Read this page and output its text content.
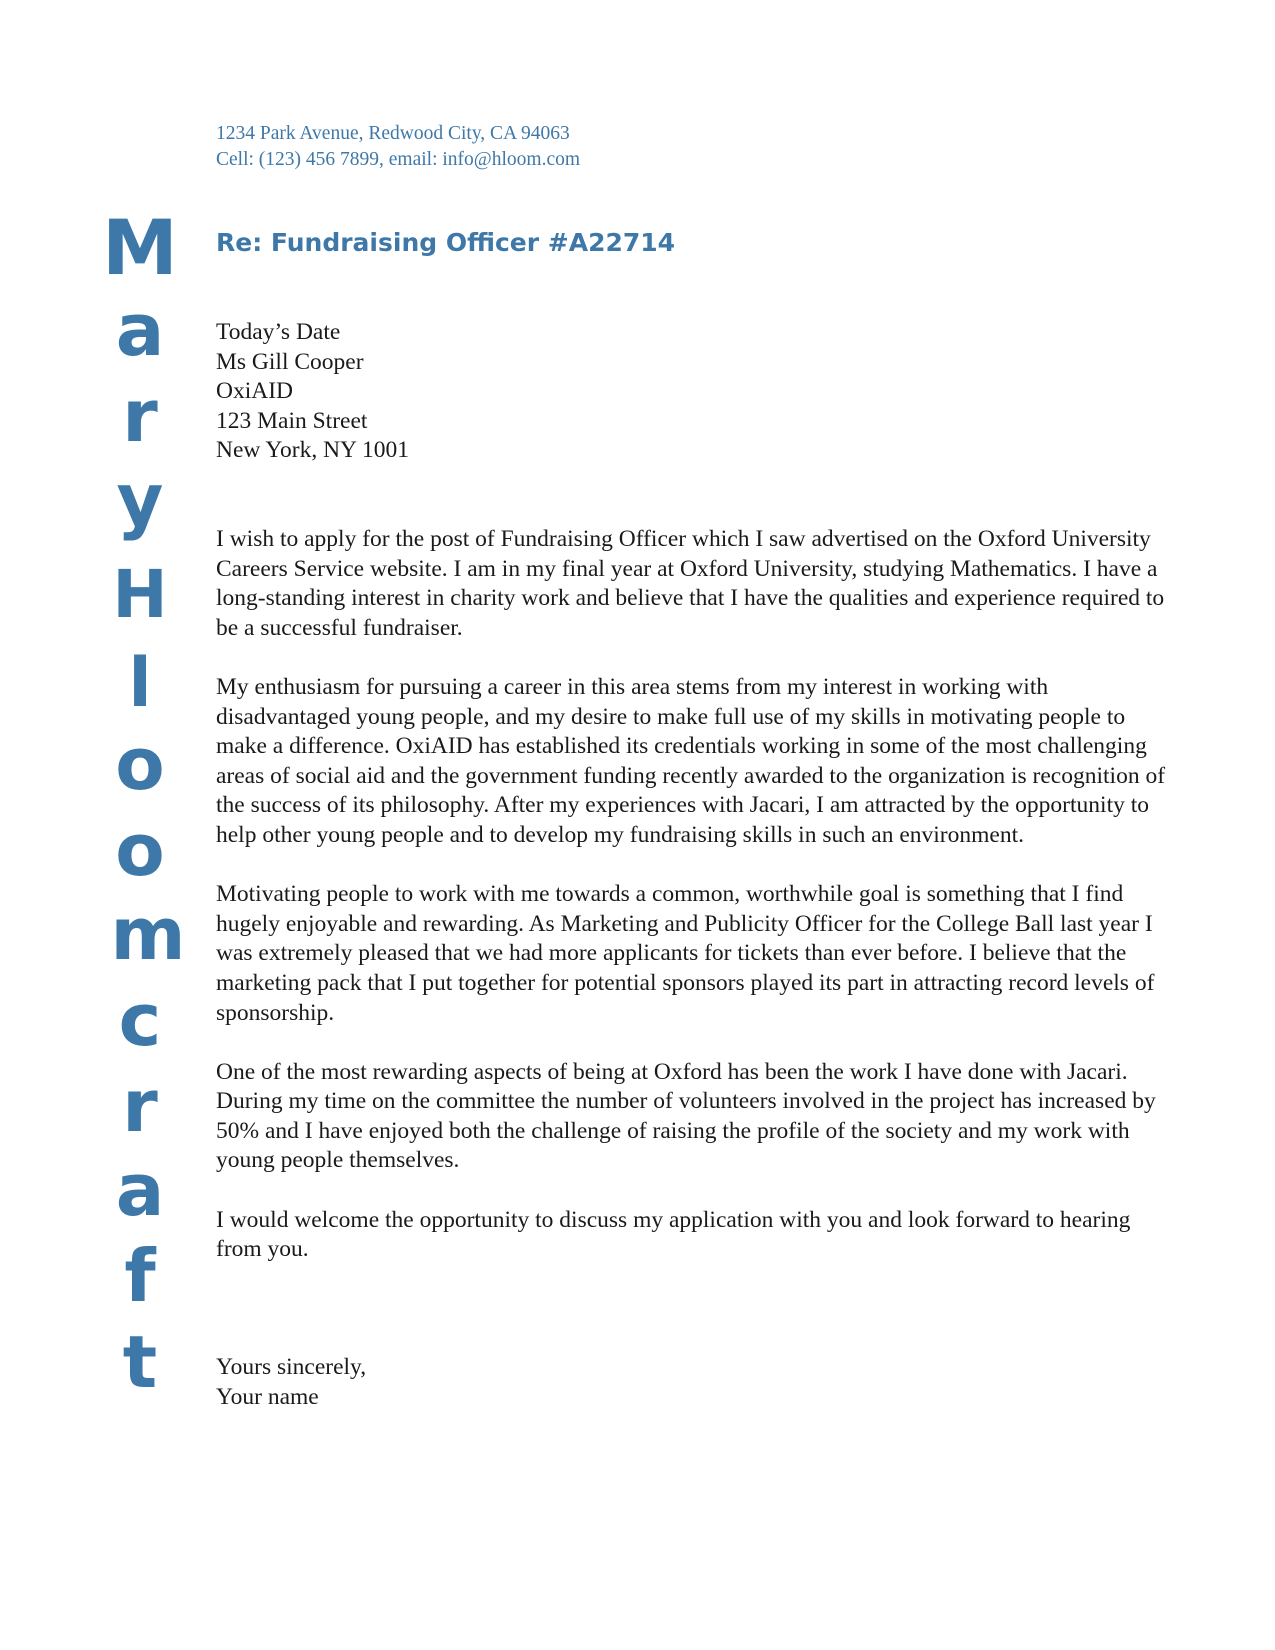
1234 Park Avenue, Redwood City, CA 94063
Cell: (123) 456 7899, email: info@hloom.com
M
a
r
y
H
l
o
o
m
c
r
a
f
t
Re: Fundraising Officer #A22714
Today’s Date
Ms Gill Cooper
OxiAID
123 Main Street
New York, NY 1001

I wish to apply for the post of Fundraising Officer which I saw advertised on the Oxford University Careers Service website. I am in my final year at Oxford University, studying Mathematics. I have a long-standing interest in charity work and believe that I have the qualities and experience required to be a successful fundraiser.

My enthusiasm for pursuing a career in this area stems from my interest in working with disadvantaged young people, and my desire to make full use of my skills in motivating people to make a difference. OxiAID has established its credentials working in some of the most challenging areas of social aid and the government funding recently awarded to the organization is recognition of the success of its philosophy. After my experiences with Jacari, I am attracted by the opportunity to help other young people and to develop my fundraising skills in such an environment.

Motivating people to work with me towards a common, worthwhile goal is something that I find hugely enjoyable and rewarding. As Marketing and Publicity Officer for the College Ball last year I was extremely pleased that we had more applicants for tickets than ever before. I believe that the marketing pack that I put together for potential sponsors played its part in attracting record levels of sponsorship.

One of the most rewarding aspects of being at Oxford has been the work I have done with Jacari. During my time on the committee the number of volunteers involved in the project has increased by 50% and I have enjoyed both the challenge of raising the profile of the society and my work with young people themselves.

I would welcome the opportunity to discuss my application with you and look forward to hearing from you.

Yours sincerely,
Your name
